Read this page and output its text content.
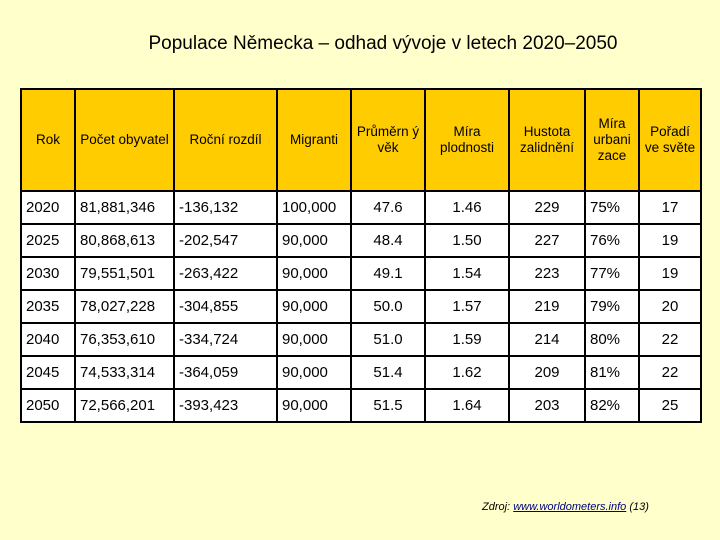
Populace Německa – odhad vývoje v letech 2020–2050
Rok	Počet obyvatel	Roční rozdíl	Migranti	Průměrn ý věk	Míra plodnosti	Hustota zalidnění	Míra urbani zace	Pořadí ve světe
2020	81,881,346	-136,132	100,000	47.6	1.46	229	75%	17
2025	80,868,613	-202,547	90,000	48.4	1.50	227	76%	19
2030	79,551,501	-263,422	90,000	49.1	1.54	223	77%	19
2035	78,027,228	-304,855	90,000	50.0	1.57	219	79%	20
2040	76,353,610	-334,724	90,000	51.0	1.59	214	80%	22
2045	74,533,314	-364,059	90,000	51.4	1.62	209	81%	22
2050	72,566,201	-393,423	90,000	51.5	1.64	203	82%	25
Zdroj: www.worldometers.info (13)
